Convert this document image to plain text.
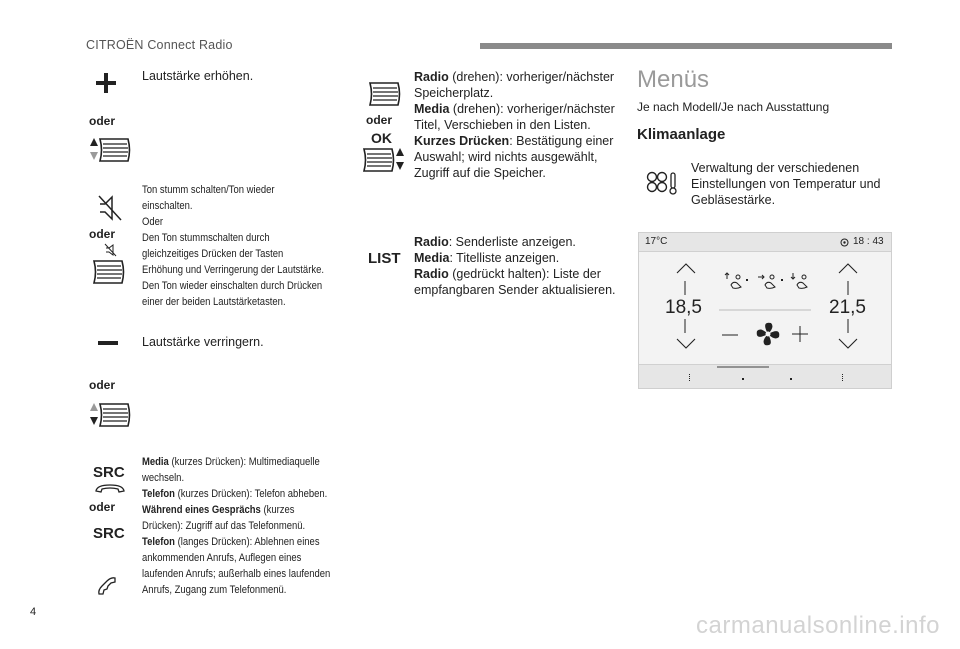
CITROËN Connect Radio
Lautstärke erhöhen.
oder
Ton stumm schalten/Ton wieder
einschalten.
Oder
Den Ton stummschalten durch
gleichzeitiges Drücken der Tasten
Erhöhung und Verringerung der Lautstärke.
Den Ton wieder einschalten durch Drücken
einer der beiden Lautstärketasten.
oder
Lautstärke verringern.
oder
SRC
oder
SRC
Media (kurzes Drücken): Multimediaquelle
wechseln.
Telefon (kurzes Drücken): Telefon abheben.
Während eines Gesprächs (kurzes
Drücken): Zugriff auf das Telefonmenü.
Telefon (langes Drücken): Ablehnen eines
ankommenden Anrufs, Auflegen eines
laufenden Anrufs; außerhalb eines laufenden
Anrufs, Zugang zum Telefonmenü.
oder
OK
LIST
Radio (drehen): vorheriger/nächster
Speicherplatz.
Media (drehen): vorheriger/nächster
Titel, Verschieben in den Listen.
Kurzes Drücken: Bestätigung einer
Auswahl; wird nichts ausgewählt,
Zugriff auf die Speicher.
Radio: Senderliste anzeigen.
Media: Titelliste anzeigen.
Radio (gedrückt halten): Liste der
empfangbaren Sender aktualisieren.
Menüs
Je nach Modell/Je nach Ausstattung
Klimaanlage
Verwaltung der verschiedenen
Einstellungen von Temperatur und
Gebläsestärke.
17°C	18 : 43
18,5	21,5
4	carmanualsonline.info
